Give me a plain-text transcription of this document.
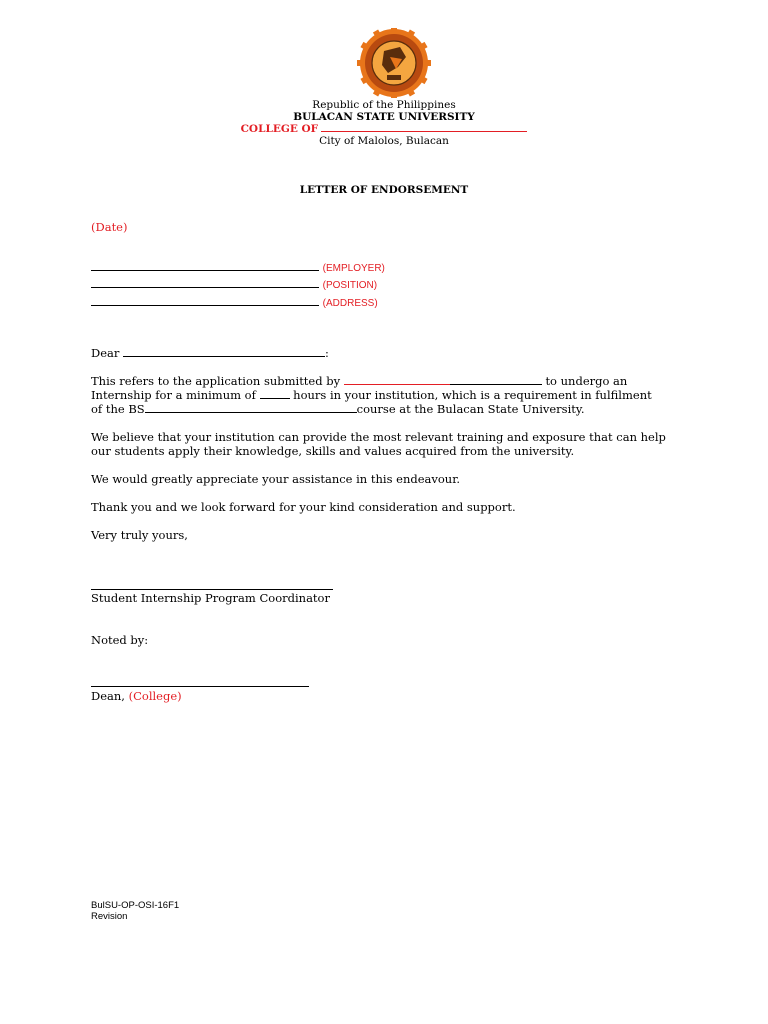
Republic of the Philippines
BULACAN STATE UNIVERSITY
COLLEGE OF
City of Malolos, Bulacan
LETTER OF ENDORSEMENT
(Date)
(EMPLOYER)
(POSITION)
(ADDRESS)
Dear	:
This refers to the application submitted by	to undergo an
Internship for a minimum of	hours in your institution, which is a requirement in fulfilment
of the BS	course at the Bulacan State University.
We believe that your institution can provide the most relevant training and exposure that can help
our students apply their knowledge, skills and values acquired from the university.
We would greatly appreciate your assistance in this endeavour.
Thank you and we look forward for your kind consideration and support.
Very truly yours,
Student Internship Program Coordinator
Noted by:
Dean, (College)
BulSU-OP-OSI-16F1
Revision
